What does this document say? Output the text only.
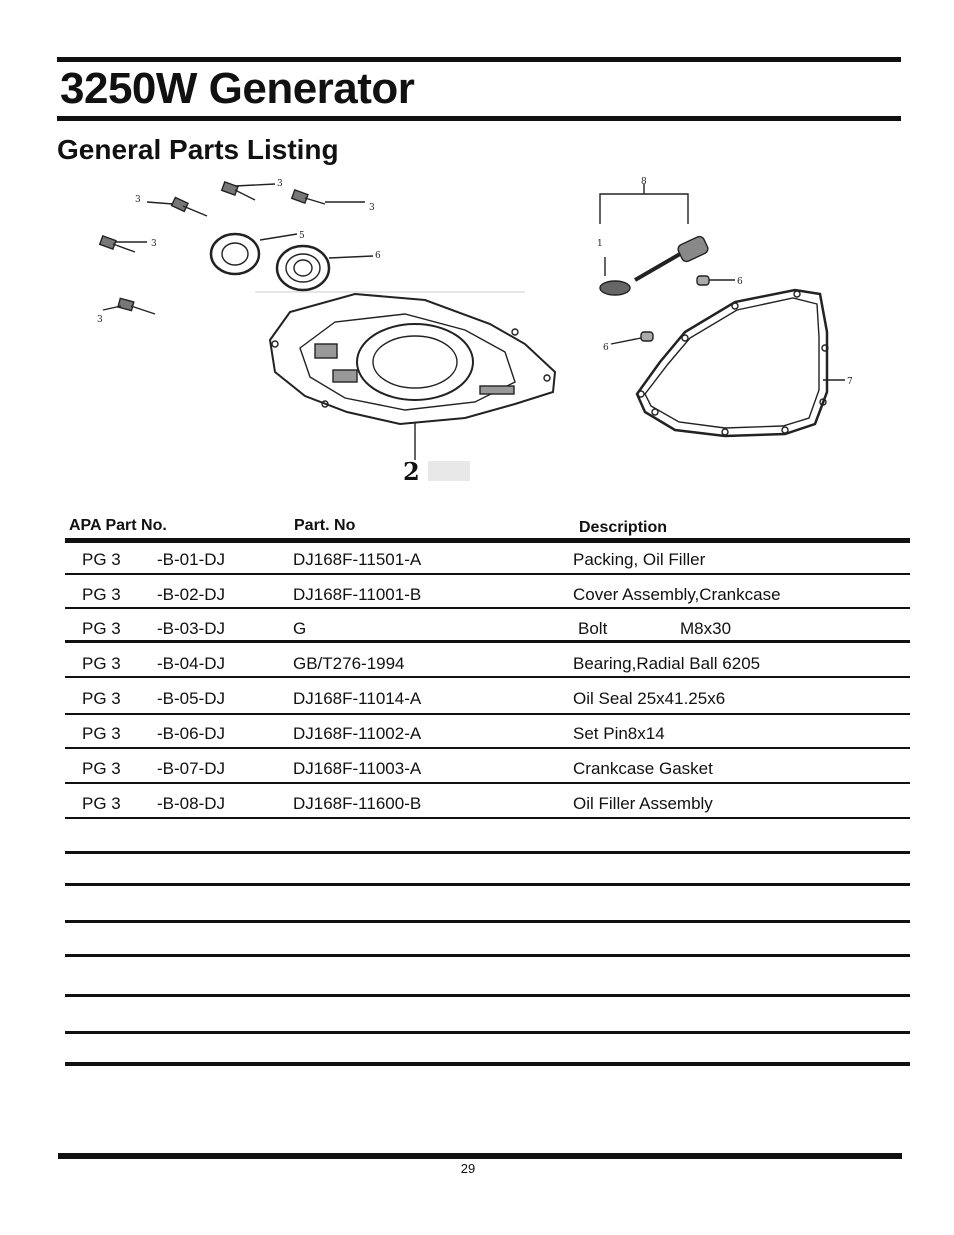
3250W Generator
General Parts Listing
3
3
3
3
3
5
6
8
1
6
6
7
2
APA Part No.	Part. No	Description
PG 3 -B-01-DJ	DJ168F-11501-A	Packing, Oil Filler
PG 3 -B-02-DJ	DJ168F-11001-B	Cover Assembly,Crankcase
PG 3 -B-03-DJ	G	Bolt	M8x30
PG 3 -B-04-DJ	GB/T276-1994	Bearing,Radial Ball 6205
PG 3 -B-05-DJ	DJ168F-11014-A	Oil Seal 25x41.25x6
PG 3 -B-06-DJ	DJ168F-11002-A	Set Pin8x14
PG 3 -B-07-DJ	DJ168F-11003-A	Crankcase Gasket
PG 3 -B-08-DJ	DJ168F-11600-B	Oil Filler Assembly
29
